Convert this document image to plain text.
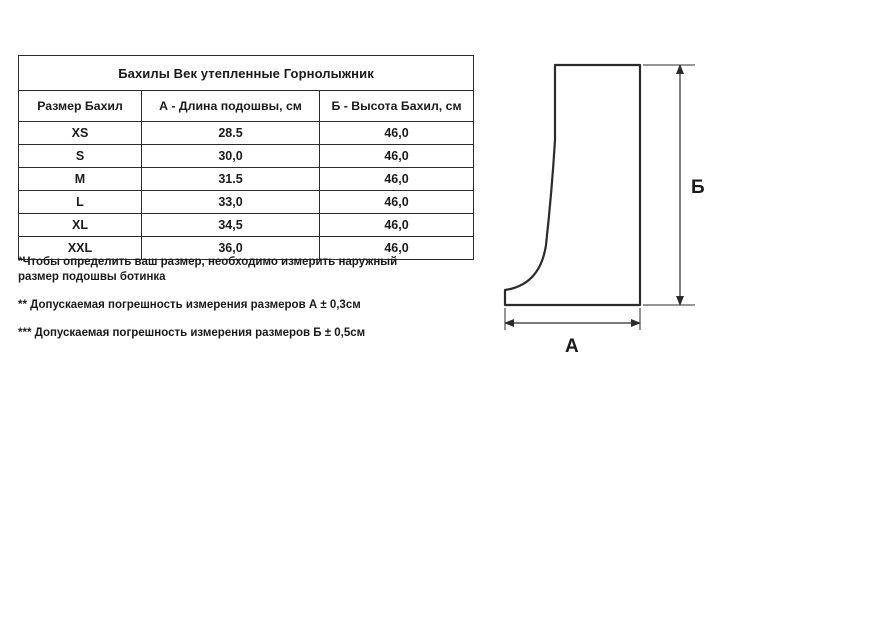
Бахилы Век утепленные Горнолыжник		
Размер Бахил	А - Длина подошвы, см	Б - Высота Бахил, см
XS	28.5	46,0
S	30,0	46,0
M	31.5	46,0
L	33,0	46,0
XL	34,5	46,0
XXL	36,0	46,0
*Чтобы определить ваш размер, необходимо измерить наружный размер подошвы ботинка
** Допускаемая погрешность измерения размеров А ± 0,3см
*** Допускаемая погрешность измерения размеров Б ± 0,5см
Б
А
